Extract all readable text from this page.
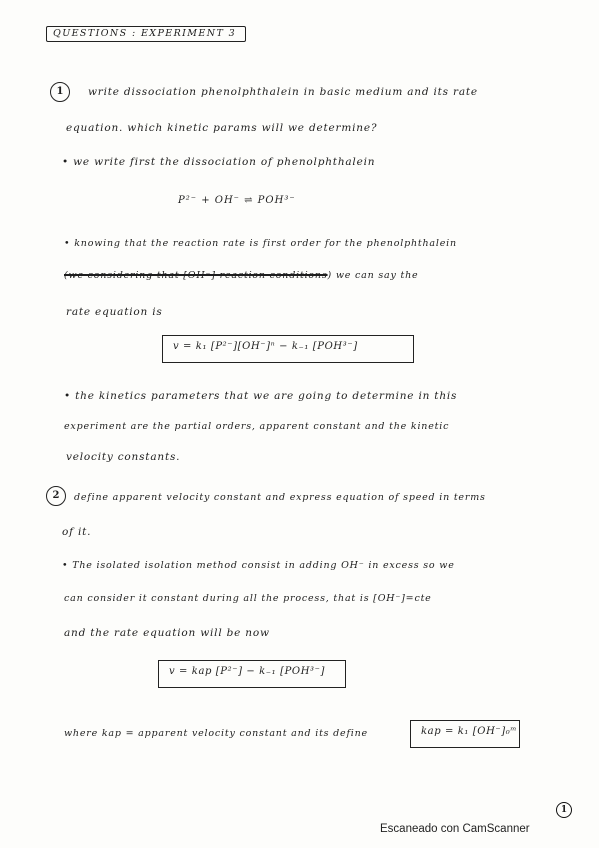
QUESTIONS : EXPERIMENT 3
1	write dissociation phenolphthalein in basic medium and its rate
equation. which kinetic params will we determine?
• we write first the dissociation of phenolphthalein
P²⁻ + OH⁻ ⇌ POH³⁻
• knowing that the reaction rate is first order for the phenolphthalein
(we considering that [OH⁻] reaction conditions) we can say the
rate equation is
v = k₁ [P²⁻][OH⁻]ⁿ − k₋₁ [POH³⁻]
• the kinetics parameters that we are going to determine in this
experiment are the partial orders, apparent constant and the kinetic
velocity constants.
2	define apparent velocity constant and express equation of speed in terms
of it.
• The isolated isolation method consist in adding OH⁻ in excess so we
can consider it constant during all the process, that is [OH⁻]=cte
and the rate equation will be now
v = kap [P²⁻] − k₋₁ [POH³⁻]
where kap = apparent velocity constant and its define	kap = k₁ [OH⁻]₀ᵐ
1
Escaneado con CamScanner
